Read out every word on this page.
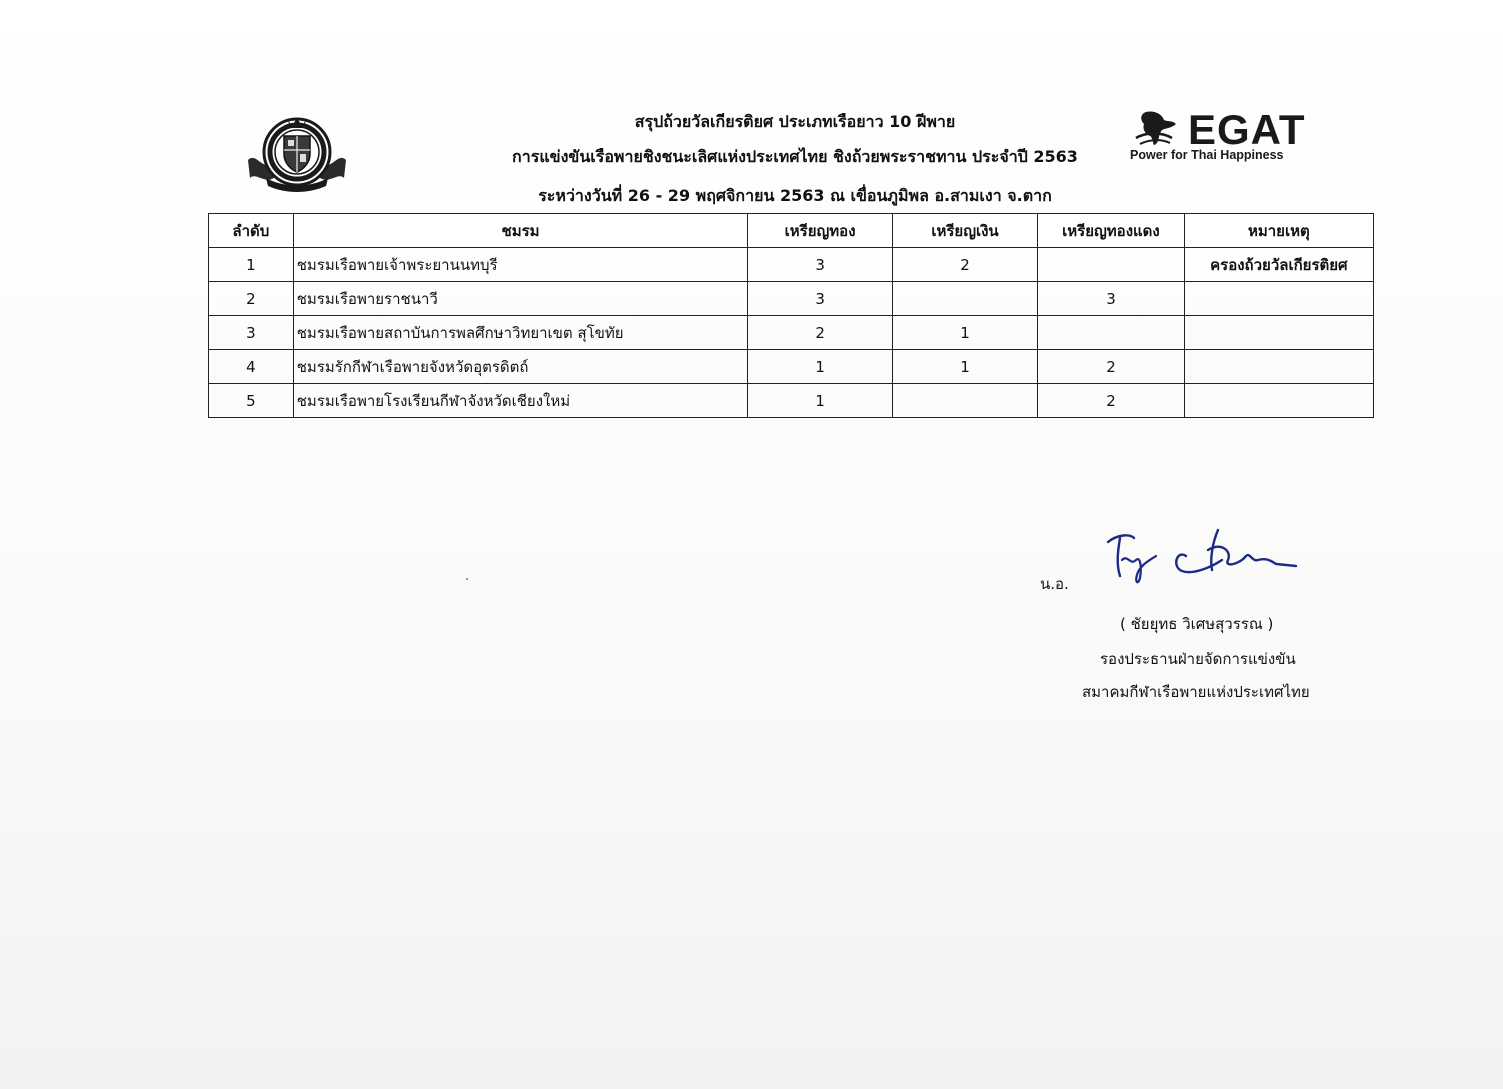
สรุปถ้วยวัลเกียรติยศ ประเภทเรือยาว 10 ฝีพาย
การแข่งขันเรือพายชิงชนะเลิศแห่งประเทศไทย ชิงถ้วยพระราชทาน ประจำปี 2563
ระหว่างวันที่ 26 - 29 พฤศจิกายน 2563 ณ เขื่อนภูมิพล อ.สามเงา จ.ตาก
EGAT
Power for Thai Happiness
ลำดับ	ชมรม	เหรียญทอง	เหรียญเงิน	เหรียญทองแดง	หมายเหตุ
1	ชมรมเรือพายเจ้าพระยานนทบุรี	3	2		ครองถ้วยวัลเกียรติยศ
2	ชมรมเรือพายราชนาวี	3		3	
3	ชมรมเรือพายสถาบันการพลศึกษาวิทยาเขต สุโขทัย	2	1		
4	ชมรมรักกีฬาเรือพายจังหวัดอุตรดิตถ์	1	1	2	
5	ชมรมเรือพายโรงเรียนกีฬาจังหวัดเชียงใหม่	1		2	
น.อ.
( ชัยยุทธ วิเศษสุวรรณ )
รองประธานฝ่ายจัดการแข่งขัน
สมาคมกีฬาเรือพายแห่งประเทศไทย
